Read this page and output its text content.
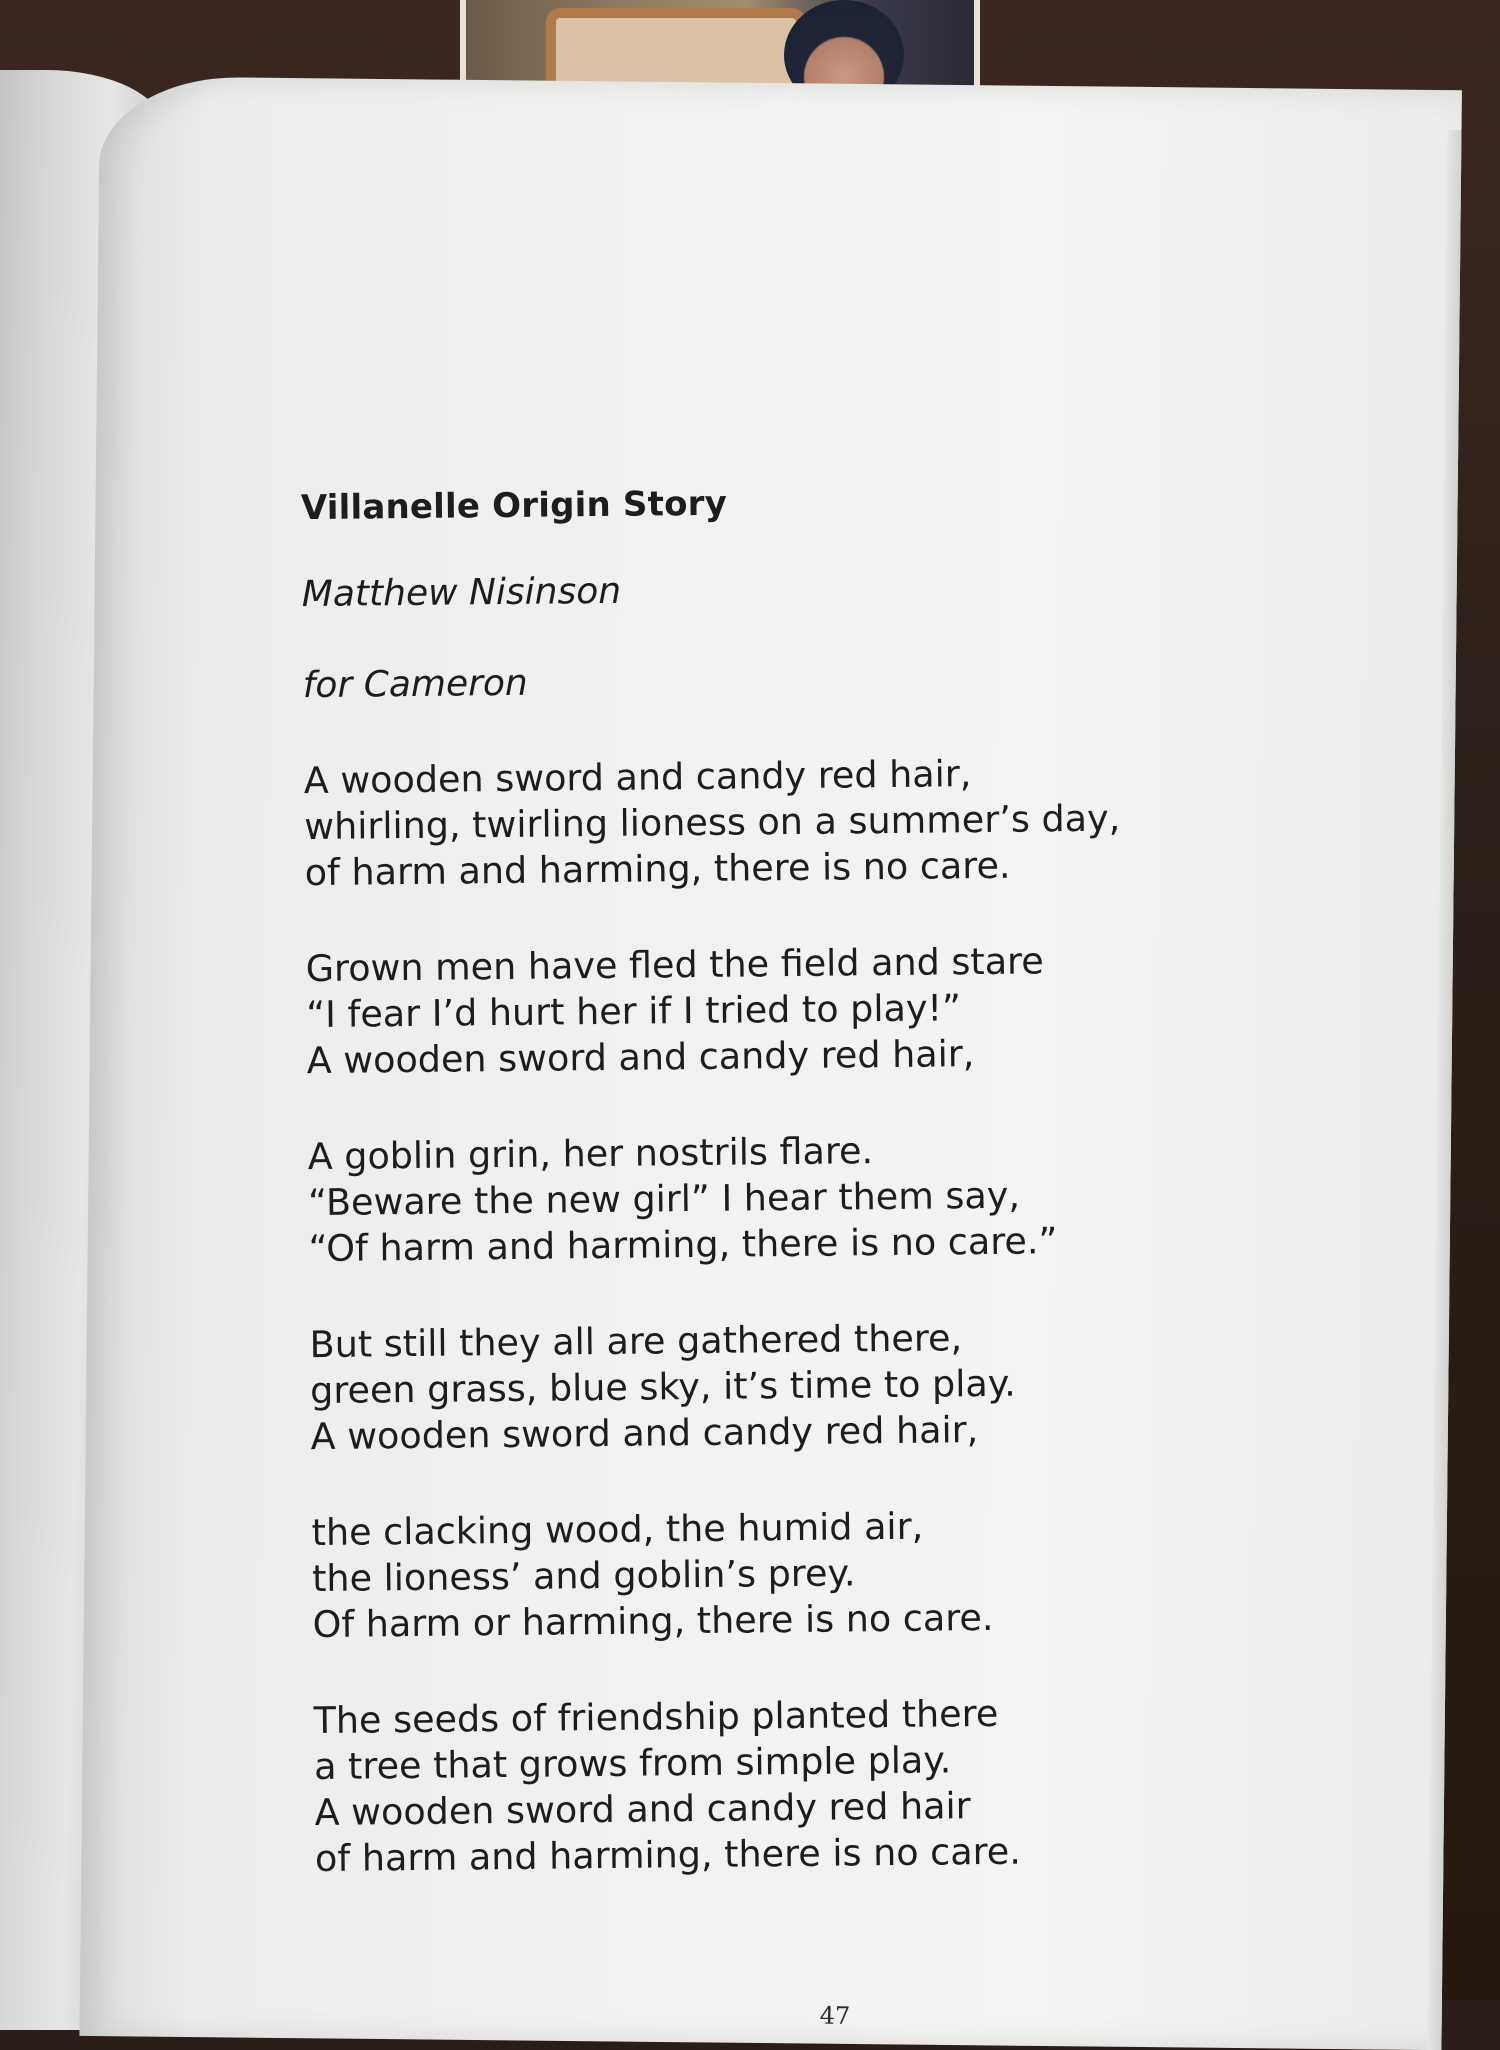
Villanelle Origin Story
Matthew Nisinson
for Cameron
A wooden sword and candy red hair,
whirling, twirling lioness on a summer’s day,
of harm and harming, there is no care.
Grown men have fled the field and stare
“I fear I’d hurt her if I tried to play!”
A wooden sword and candy red hair,
A goblin grin, her nostrils flare.
“Beware the new girl” I hear them say,
“Of harm and harming, there is no care.”
But still they all are gathered there,
green grass, blue sky, it’s time to play.
A wooden sword and candy red hair,
the clacking wood, the humid air,
the lioness’ and goblin’s prey.
Of harm or harming, there is no care.
The seeds of friendship planted there
a tree that grows from simple play.
A wooden sword and candy red hair
of harm and harming, there is no care.
47
